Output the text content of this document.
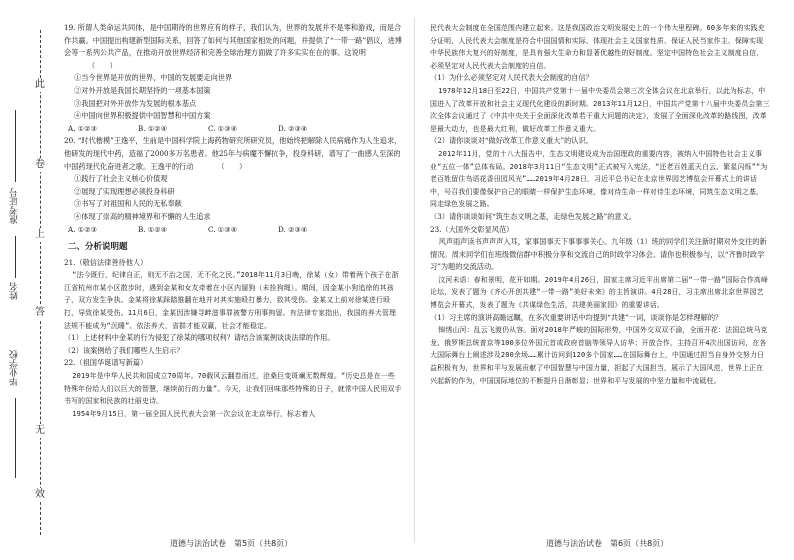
此
卷
上
答
无
效
准考证号
姓名
毕业学校

19. 所谓人类命运共同体，是中国期待的世界应有的样子，我们认为，世界的发展并不是零和游戏，而是合作共赢。中国提出构建新型国际关系，回答了如何与其他国家相处的问题，并提供了“一带一路”倡议，进博会等一系列公共产品，在推动开放世界经济和完善全球治理方面做了许多实实在在的事。这说明（　　）

①当今世界是开放的世界，中国的发展要走向世界

②对外开放是我国长期坚持的一项基本国策

③我国把对外开放作为发展的根本基点

④中国向世界积极提供中国智慧和中国方案

A. ①②③	B. ①②④	C. ①③④	D. ②③④

20. “时代楷模”王逸平，生前是中国科学院上海药物研究所研究员，他始终把解除人民病痛作为人生追求，他研发的现代中药，造福了2000多万名患者。他25年与病魔不懈抗争，投身科研，谱写了一曲感人至深的中国药现代化奋进者之歌。王逸平的行动	（　　）

①践行了社会主义核心价值观

②展现了实现理想必须投身科研

③书写了对祖国和人民的无私奉献

④体现了崇高的精神境界和不懈的人生追求

A. ①②③	B. ①②④	C. ①③④	D. ②③④
二、分析说明题

21.（敬信法律善待他人）

“法今既行，纪律自正，则无不治之国，无不化之民。”2018年11月3日晚，徐某（女）带着两个孩子在浙江省杭州市某小区散步时，遇到金某和女友牵着在小区内遛狗（未拴狗绳）。期间，因金某小狗追徐的其孩子，双方发生争执。金某将徐某踩踏推翻在地并对其实施殴打暴力，致其受伤。金某又上前对徐某进行殴打，导致徐某受伤。11月6日，金某因涉嫌寻衅滋事罪被警方刑事拘留。有法律专家指出，我国的养犬管理法规不能成为“沉睡”。依法养犬，省群才能双赢，社会才能稳定。

（1）上述材料中金某的行为侵犯了徐某的哪项权利？请结合该案例谈谈法律的作用。

（2）该案例给了我们哪些人生启示？

22.（祖国华诞谱写新篇）

2019年是中华人民共和国成立70周年。70载风云翻卷而过，沧桑巨变斑斓无数辉煌。“历史总是在一些特殊年份给人们以巨大的智慧，继续前行的力量”。今天，让我们回味那些特殊的日子，就常中国人民用双手书写的国家和民族的壮丽史诗。

1954年9月15日，第一届全国人民代表大会第一次会议在北京举行，标志着人

道德与法治试卷　第5页（共8页）

民代表大会制度在全国范围内建立起来。这是我国政治文明发展史上的一个伟大里程碑。60多年来的实践充分证明，人民代表大会制度是符合中国国情和实际、体现社会主义国家性质、保证人民当家作主、保障实现中华民族伟大复兴的好制度，是具有强大生命力和显著优越性的好制度。坚定中国特色社会主义制度自信，必须坚定对人民代表大会制度的自信。

（1）为什么必须坚定对人民代表大会制度的自信？

1978年12月18日至22日，中国共产党第十一届中央委员会第三次全体会议在北京举行，以此为标志，中国进入了改革开放和社会主义现代化建设的新时期。2013年11月12日，中国共产党第十八届中央委员会第三次全体会议通过了《中共中央关于全面深化改革若干重大问题的决定》，发展了全面深化改革的路线图，改革是最大动力，也是最大红利，做好改革工作意义重大。

（2）请你谈谈对“做好改革工作意义重大”的认识。

2012年11月，党的十八大报告中，生态文明建设成为治国理政的重要内容，被纳入中国特色社会主义事业“五位一体”总体布局。2018年3月11日“生态文明”正式被写入宪法，“还老百姓蓝天白云、繁星闪烁”“为老百姓留住鸟语花香田园风光”……2019年4月28日，习近平总书记在北京世界园艺博览会开幕式上的讲话中，号召我们要像保护自己的眼睛一样保护生态环境，像对待生命一样对待生态环境，同筑生态文明之基，同走绿色发展之路。

（3）请你谈谈如何“筑生态文明之基，走绿色发展之路”的意义。

23.（大国外交彰显风范）

风声雨声读书声声声入耳，家事国事天下事事事关心。九年级（1）班的同学们关注新时期对外交往的新情况。周末同学们在班级微信群中积极分享和交流自己的时政学习体会。请你也积极参与，以“齐鲁时政学习”为题的交流活动。

汶河未语：春和景明，花开如期。2019年4月26日，国家主席习近平出席第二届“一带一路”国际合作高峰论坛，发表了题为《齐心开创共建“一带一路”美好未来》的主旨演讲。4月28日，习主席出席北京世界园艺博览会开幕式，发表了题为《共谋绿色生活，共建美丽家园》的重要讲话。

（1）习主席的演讲高瞻远瞩，在多次重要讲话中均提到“共建”一词，谈谈你是怎样理解的？

锦绣山河：乱云飞渡仍从容。面对2018年严峻的国际形势，中国外交双双不渝，全面开花：法国总统马克龙、俄罗斯总统普京等100多位外国元首或政府首脑等领导人访华；开放合作，主持召开4次出国访问，在各大国际舞台上阐述涉及200余场……累计访问到120多个国家……在国际舞台上，中国通过担当自身外交努力日益积极有为，世界和平与发展贡献了中国智慧与中国力量，担起了大国担当，展示了大国风范，世界上正在兴起新的作为，中国国际地位的不断提升日渐彰显；世界和平与发展的中坚力量和中流砥柱。

道德与法治试卷　第6页（共8页）
